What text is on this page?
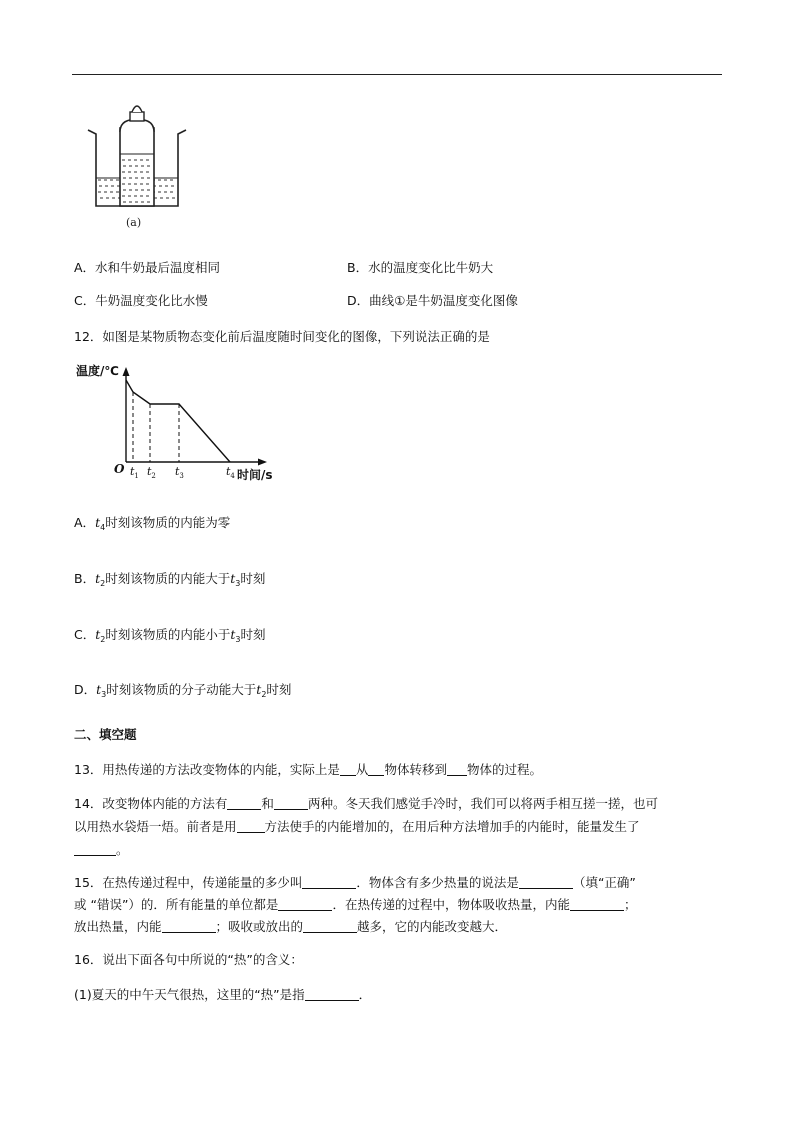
(a)
A．水和牛奶最后温度相同	B．水的温度变化比牛奶大
C．牛奶温度变化比水慢	D．曲线①是牛奶温度变化图像
12．如图是某物质物态变化前后温度随时间变化的图像，下列说法正确的是
温度/℃
O $t_1$ $t_2$ $t_3$	$t_4$ 时间/s
A．$t_4$时刻该物质的内能为零
B．$t_2$时刻该物质的内能大于$t_3$时刻
C．$t_2$时刻该物质的内能小于$t_3$时刻
D．$t_3$时刻该物质的分子动能大于$t_2$时刻
二、填空题
13．用热传递的方法改变物体的内能，实际上是 从 物体转移到 物体的过程。
14．改变物体内能的方法有	和	两种。冬天我们感觉手冷时，我们可以将两手相互搓一搓，也可
以用热水袋焐一焐。前者是用 方法使手的内能增加的，在用后种方法增加手的内能时，能量发生了
。
15．在热传递过程中，传递能量的多少叫	．物体含有多少热量的说法是	（填“正确”
或 “错误”）的．所有能量的单位都是	．在热传递的过程中，物体吸收热量，内能	；
放出热量，内能	；吸收或放出的	越多，它的内能改变越大．
16．说出下面各句中所说的“热”的含义：
(1)夏天的中午天气很热，这里的“热”是指	．
